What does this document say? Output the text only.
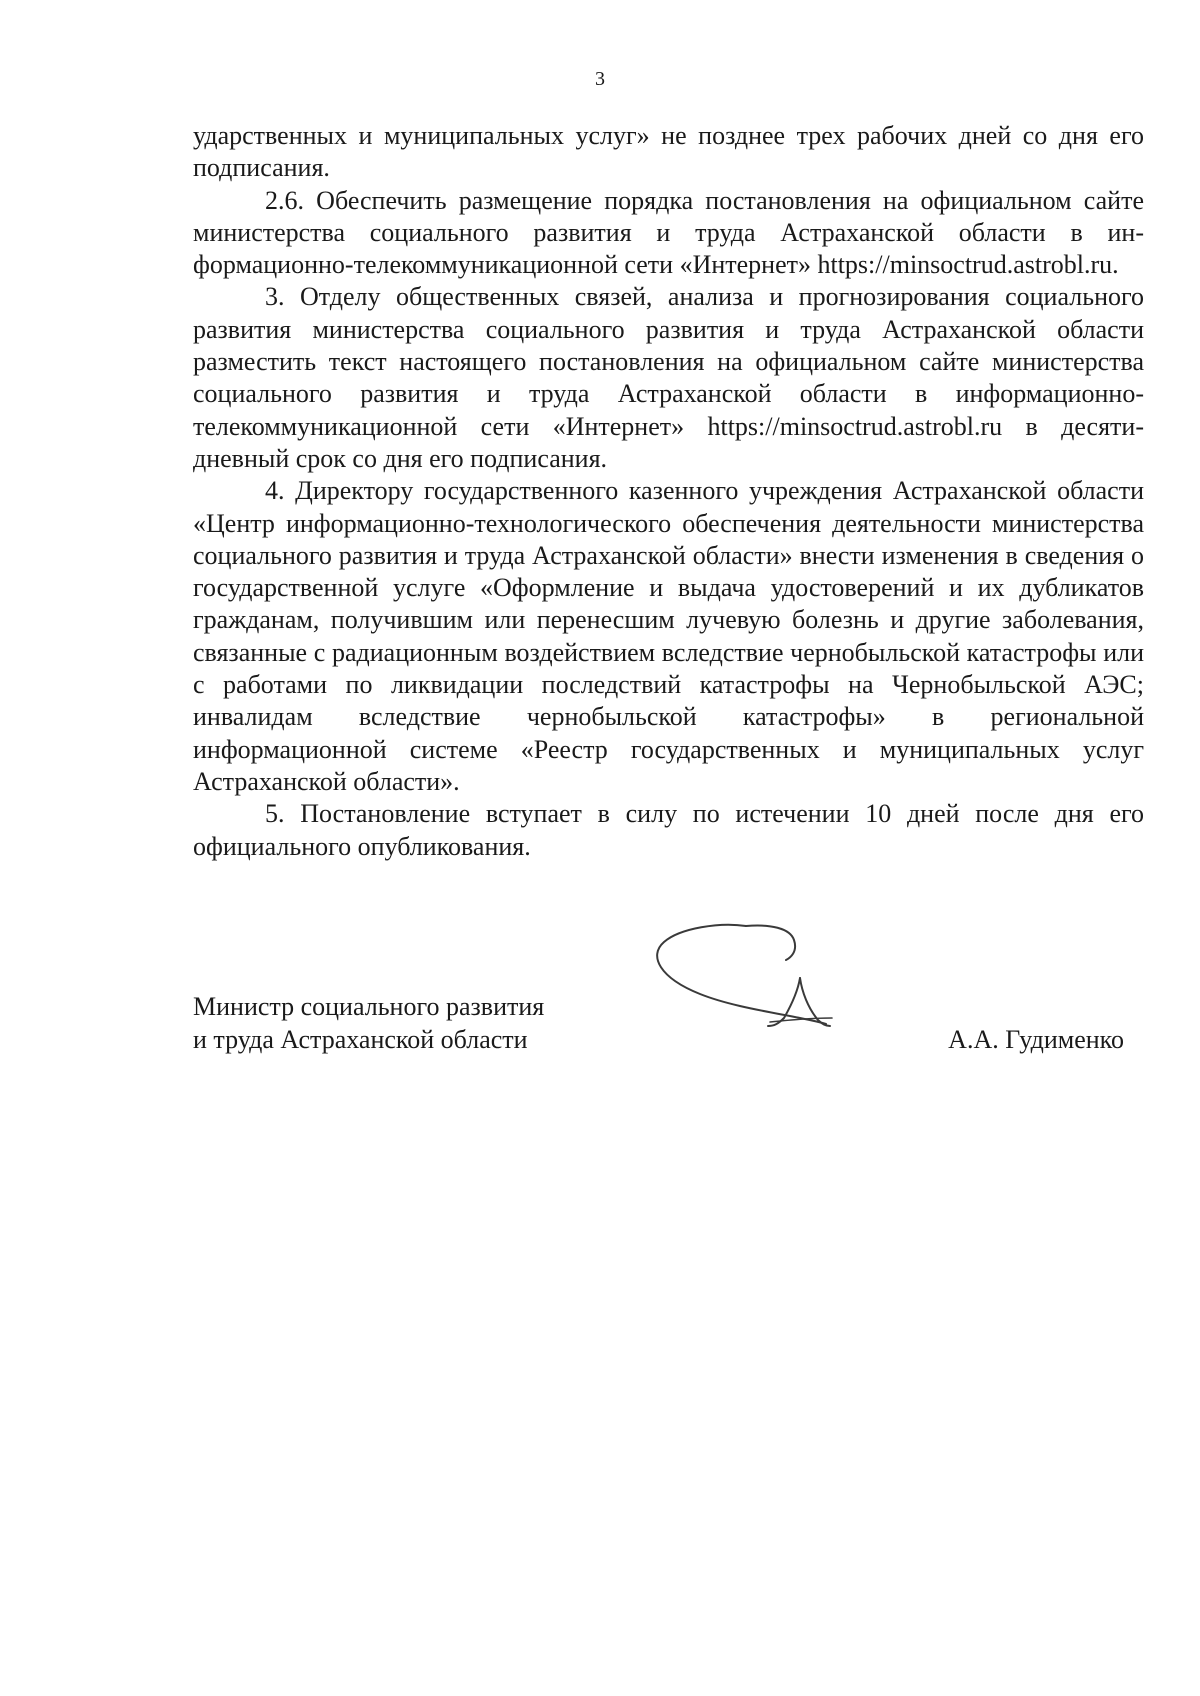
3

ударственных и муниципальных услуг» не позднее трех рабочих дней со дня его подписания.

2.6. Обеспечить размещение порядка постановления на официальном сайте министерства социального развития и труда Астраханской области в информационно-телекоммуникационной сети «Интернет» https://minsoctrud.astrobl.ru.

3. Отделу общественных связей, анализа и прогнозирования социального развития министерства социального развития и труда Астраханской области разместить текст настоящего постановления на официальном сайте министерства социального развития и труда Астраханской области в информационно-телекоммуникационной сети «Интернет» https://minsoctrud.astrobl.ru в десятидневный срок со дня его подписания.

4. Директору государственного казенного учреждения Астраханской области «Центр информационно-технологического обеспечения деятельности министерства социального развития и труда Астраханской области» внести изменения в сведения о государственной услуге «Оформление и выдача удостоверений и их дубликатов гражданам, получившим или перенесшим лучевую болезнь и другие заболевания, связанные с радиационным воздействием вследствие чернобыльской катастрофы или с работами по ликвидации последствий катастрофы на Чернобыльской АЭС; инвалидам вследствие чернобыльской катастрофы» в региональной информационной системе «Реестр государственных и муниципальных услуг Астраханской области».

5. Постановление вступает в силу по истечении 10 дней после дня его официального опубликования.

Министр социального развития
и труда Астраханской области	А.А. Гудименко
